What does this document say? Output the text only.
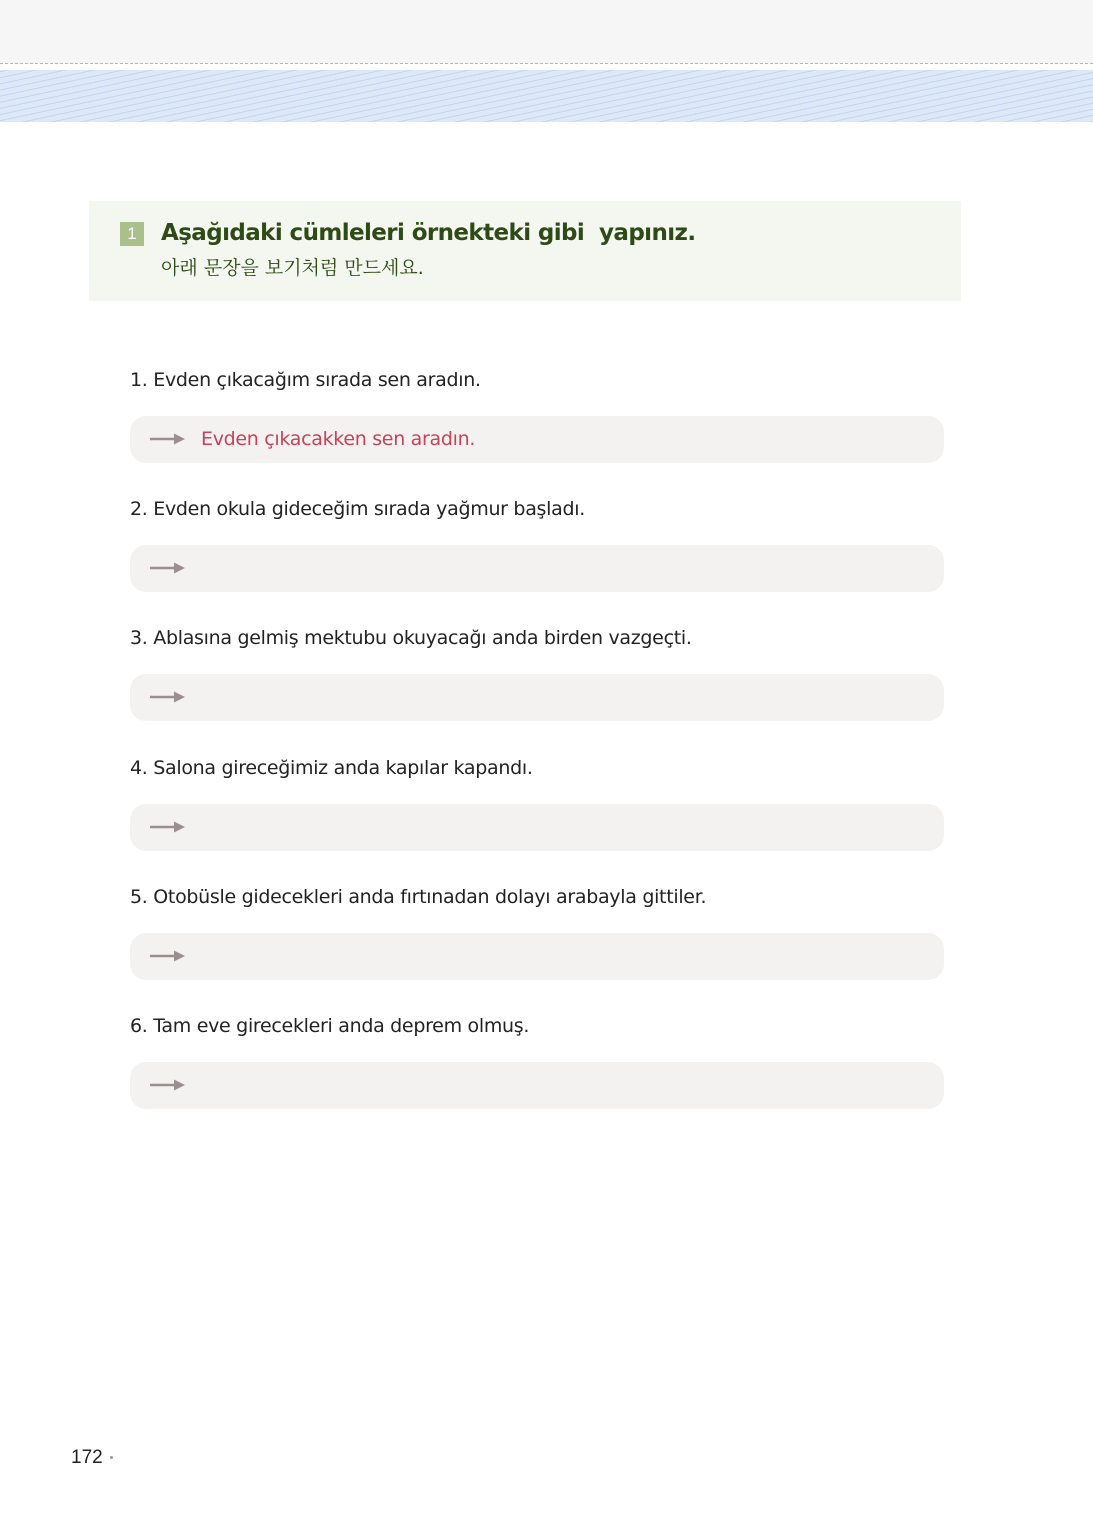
1	Aşağıdaki cümleleri örnekteki gibi  yapınız.
아래 문장을 보기처럼 만드세요.
1. Evden çıkacağım sırada sen aradın.
Evden çıkacakken sen aradın.
2. Evden okula gideceğim sırada yağmur başladı.
3. Ablasına gelmiş mektubu okuyacağı anda birden vazgeçti.
4. Salona gireceğimiz anda kapılar kapandı.
5. Otobüsle gidecekleri anda fırtınadan dolayı arabayla gittiler.
6. Tam eve girecekleri anda deprem olmuş.
172
